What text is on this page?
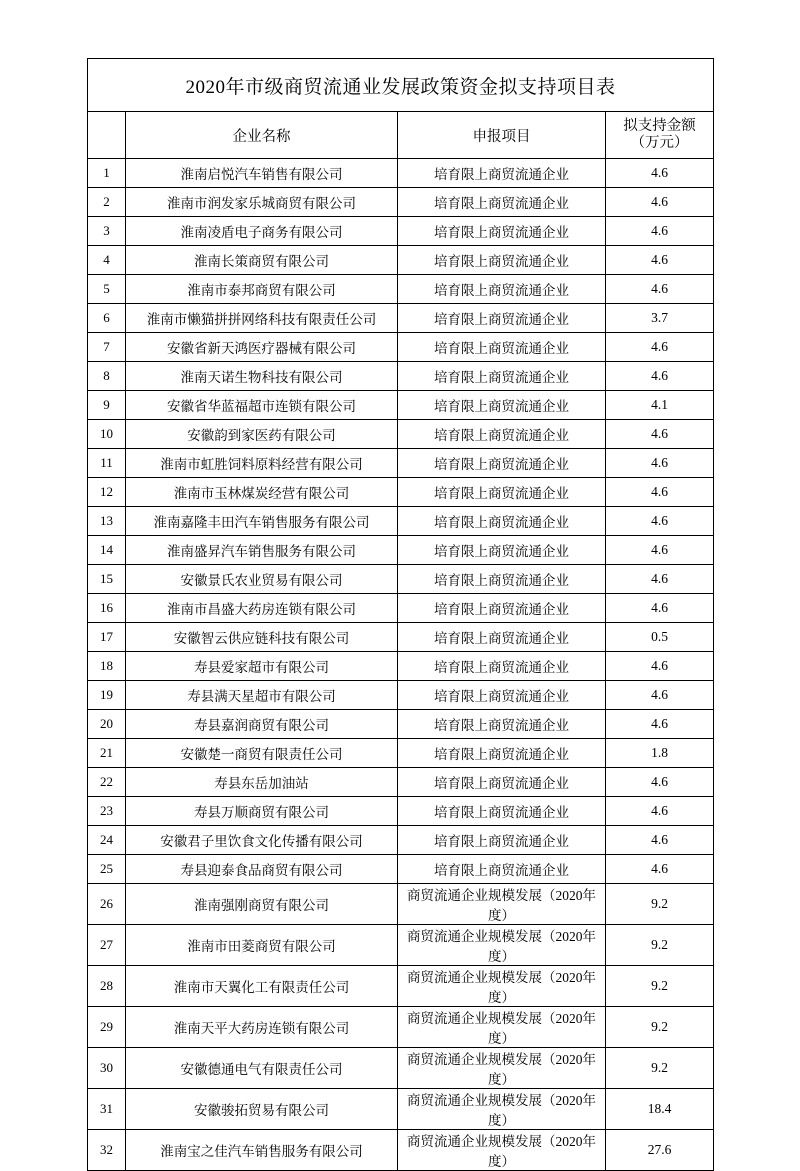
2020年市级商贸流通业发展政策资金拟支持项目表			
	企业名称	申报项目	拟支持金额
（万元）

1	淮南启悦汽车销售有限公司	培育限上商贸流通企业	4.6
2	淮南市润发家乐城商贸有限公司	培育限上商贸流通企业	4.6
3	淮南凌盾电子商务有限公司	培育限上商贸流通企业	4.6
4	淮南长策商贸有限公司	培育限上商贸流通企业	4.6
5	淮南市泰邦商贸有限公司	培育限上商贸流通企业	4.6
6	淮南市懒猫拼拼网络科技有限责任公司	培育限上商贸流通企业	3.7
7	安徽省新天鸿医疗器械有限公司	培育限上商贸流通企业	4.6
8	淮南天诺生物科技有限公司	培育限上商贸流通企业	4.6
9	安徽省华蓝福超市连锁有限公司	培育限上商贸流通企业	4.1
10	安徽韵到家医药有限公司	培育限上商贸流通企业	4.6
11	淮南市虹胜饲料原料经营有限公司	培育限上商贸流通企业	4.6
12	淮南市玉林煤炭经营有限公司	培育限上商贸流通企业	4.6
13	淮南嘉隆丰田汽车销售服务有限公司	培育限上商贸流通企业	4.6
14	淮南盛昇汽车销售服务有限公司	培育限上商贸流通企业	4.6
15	安徽景氏农业贸易有限公司	培育限上商贸流通企业	4.6
16	淮南市昌盛大药房连锁有限公司	培育限上商贸流通企业	4.6
17	安徽智云供应链科技有限公司	培育限上商贸流通企业	0.5
18	寿县爱家超市有限公司	培育限上商贸流通企业	4.6
19	寿县满天星超市有限公司	培育限上商贸流通企业	4.6
20	寿县嘉润商贸有限公司	培育限上商贸流通企业	4.6
21	安徽楚一商贸有限责任公司	培育限上商贸流通企业	1.8
22	寿县东岳加油站	培育限上商贸流通企业	4.6
23	寿县万顺商贸有限公司	培育限上商贸流通企业	4.6
24	安徽君子里饮食文化传播有限公司	培育限上商贸流通企业	4.6
25	寿县迎泰食品商贸有限公司	培育限上商贸流通企业	4.6
26	淮南强刚商贸有限公司	商贸流通企业规模发展（2020年度）	9.2
27	淮南市田菱商贸有限公司	商贸流通企业规模发展（2020年度）	9.2
28	淮南市天翼化工有限责任公司	商贸流通企业规模发展（2020年度）	9.2
29	淮南天平大药房连锁有限公司	商贸流通企业规模发展（2020年度）	9.2
30	安徽德通电气有限责任公司	商贸流通企业规模发展（2020年度）	9.2
31	安徽骏拓贸易有限公司	商贸流通企业规模发展（2020年度）	18.4
32	淮南宝之佳汽车销售服务有限公司	商贸流通企业规模发展（2020年度）	27.6
